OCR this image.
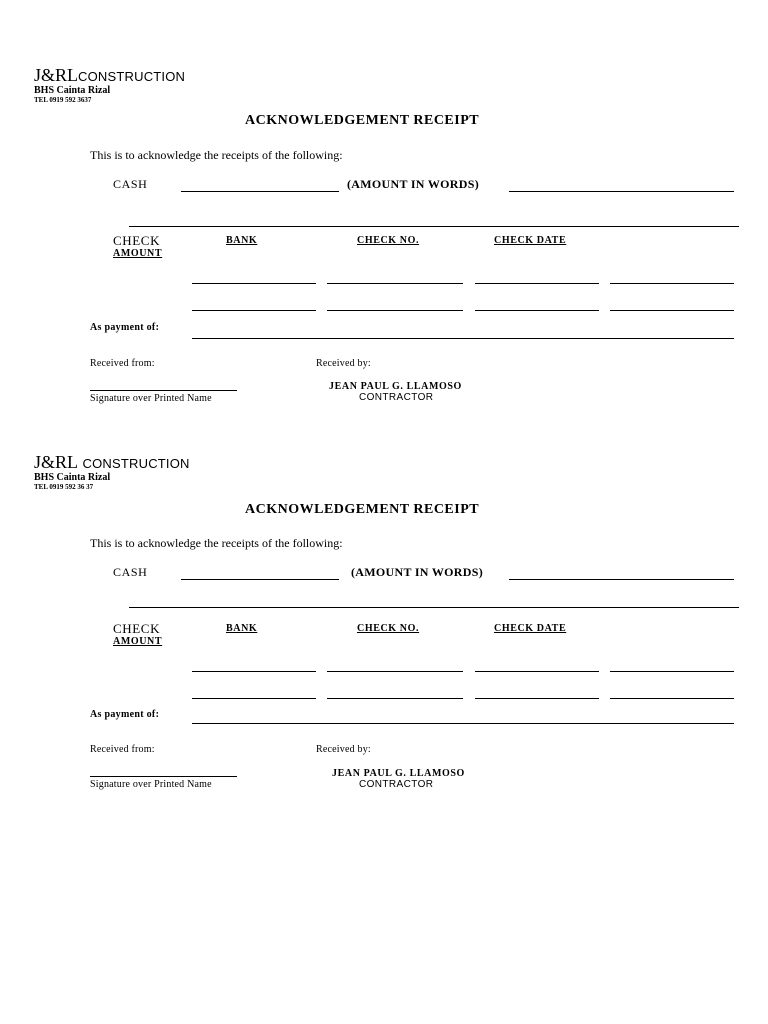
J&RLCONSTRUCTION
BHS Cainta Rizal
TEL 0919 592 3637
ACKNOWLEDGEMENT RECEIPT
This is to acknowledge the receipts of the following:
CASH	(AMOUNT IN WORDS)
CHECK
AMOUNT
BANK	CHECK NO.	CHECK DATE
As payment of:
Received from:	Received by:
Signature over Printed Name
JEAN PAUL G. LLAMOSO
CONTRACTOR
J&RL CONSTRUCTION
BHS Cainta Rizal
TEL 0919 592 36 37
ACKNOWLEDGEMENT RECEIPT
This is to acknowledge the receipts of the following:
CASH	(AMOUNT IN WORDS)
CHECK
AMOUNT
BANK	CHECK NO.	CHECK DATE
As payment of:
Received from:	Received by:
Signature over Printed Name
JEAN PAUL G. LLAMOSO
CONTRACTOR
